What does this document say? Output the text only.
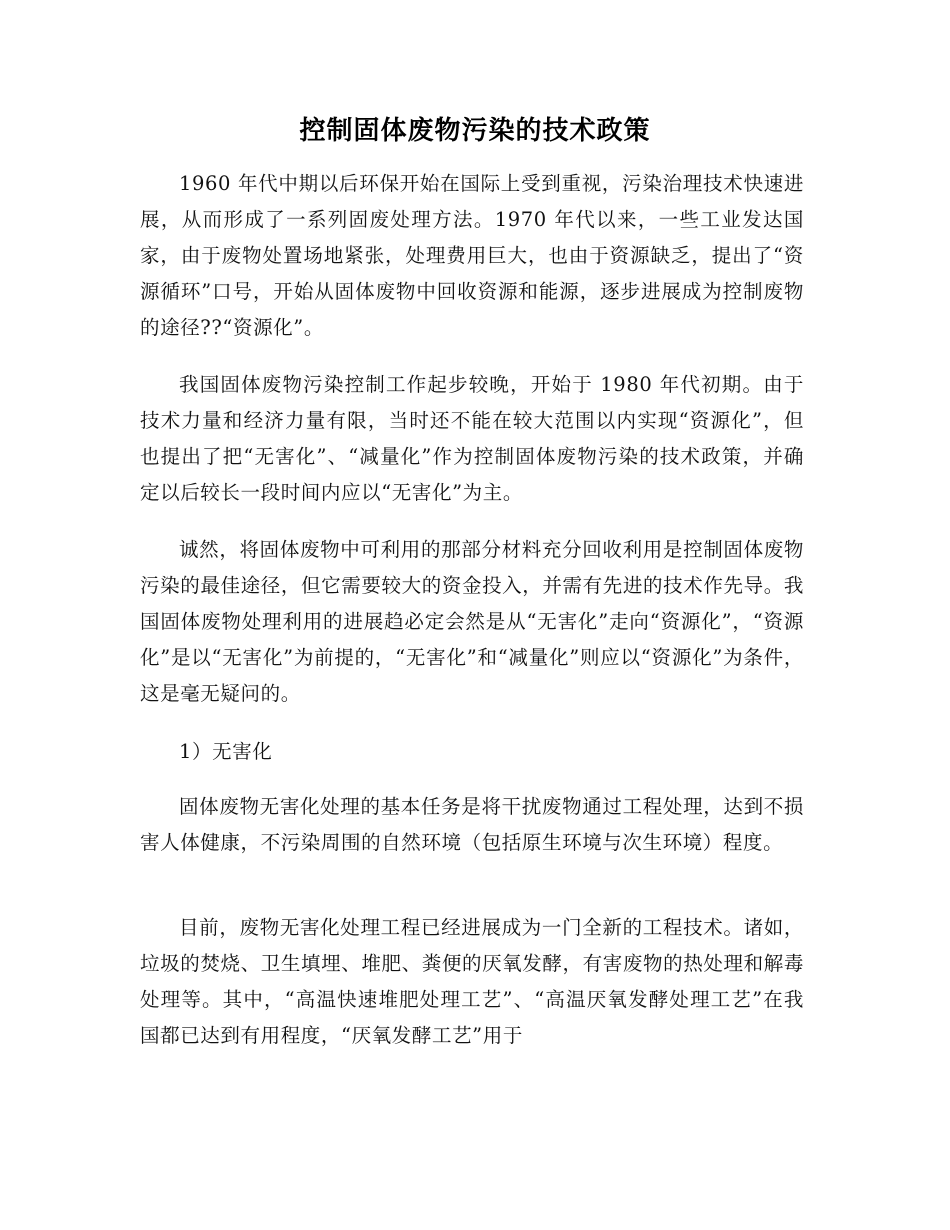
控制固体废物污染的技术政策

1960 年代中期以后环保开始在国际上受到重视，污染治理技术快速进展，从而形成了一系列固废处理方法。1970 年代以来，一些工业发达国家，由于废物处置场地紧张，处理费用巨大，也由于资源缺乏，提出了“资源循环”口号，开始从固体废物中回收资源和能源，逐步进展成为控制废物的途径??“资源化”。

我国固体废物污染控制工作起步较晚，开始于 1980 年代初期。由于技术力量和经济力量有限，当时还不能在较大范围以内实现“资源化”，但也提出了把“无害化”、“减量化”作为控制固体废物污染的技术政策，并确定以后较长一段时间内应以“无害化”为主。

诚然，将固体废物中可利用的那部分材料充分回收利用是控制固体废物污染的最佳途径，但它需要较大的资金投入，并需有先进的技术作先导。我国固体废物处理利用的进展趋必定会然是从“无害化”走向“资源化”，“资源化”是以“无害化”为前提的，“无害化”和“减量化”则应以“资源化”为条件，这是毫无疑问的。

1）无害化

固体废物无害化处理的基本任务是将干扰废物通过工程处理，达到不损害人体健康，不污染周围的自然环境（包括原生环境与次生环境）程度。

目前，废物无害化处理工程已经进展成为一门全新的工程技术。诸如，垃圾的焚烧、卫生填埋、堆肥、粪便的厌氧发酵，有害废物的热处理和解毒处理等。其中，“高温快速堆肥处理工艺”、“高温厌氧发酵处理工艺”在我国都已达到有用程度，“厌氧发酵工艺”用于
